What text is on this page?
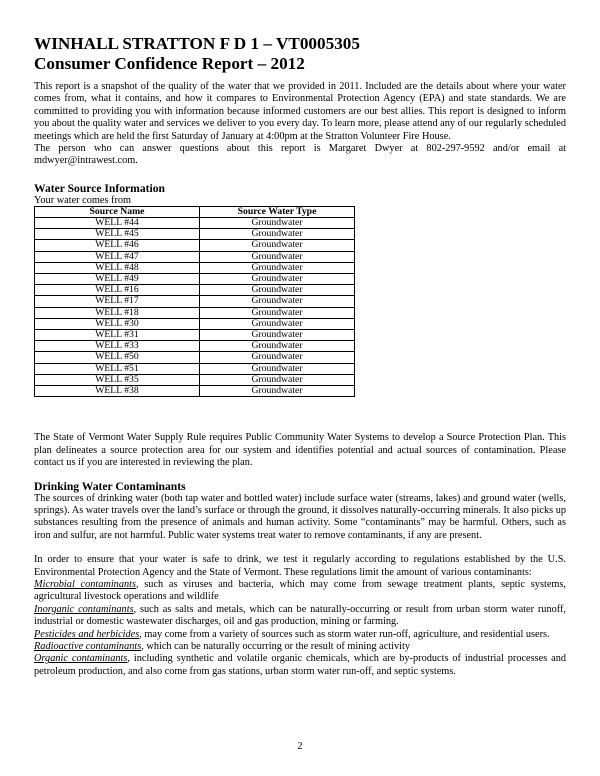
WINHALL STRATTON F D 1 – VT0005305
Consumer Confidence Report – 2012

This report is a snapshot of the quality of the water that we provided in 2011. Included are the details about where your water comes from, what it contains, and how it compares to Environmental Protection Agency (EPA) and state standards. We are committed to providing you with information because informed customers are our best allies. This report is designed to inform you about the quality water and services we deliver to you every day. To learn more, please attend any of our regularly scheduled meetings which are held the first Saturday of January at 4:00pm at the Stratton Volunteer Fire House.

The person who can answer questions about this report is Margaret Dwyer at 802-297-9592 and/or email at mdwyer@intrawest.com.

Water Source Information
Your water comes from
Source Name	Source Water Type
WELL #44	Groundwater
WELL #45	Groundwater
WELL #46	Groundwater
WELL #47	Groundwater
WELL #48	Groundwater
WELL #49	Groundwater
WELL #16	Groundwater
WELL #17	Groundwater
WELL #18	Groundwater
WELL #30	Groundwater
WELL #31	Groundwater
WELL #33	Groundwater
WELL #50	Groundwater
WELL #51	Groundwater
WELL #35	Groundwater
WELL #38	Groundwater

The State of Vermont Water Supply Rule requires Public Community Water Systems to develop a Source Protection Plan. This plan delineates a source protection area for our system and identifies potential and actual sources of contamination. Please contact us if you are interested in reviewing the plan.

Drinking Water Contaminants

The sources of drinking water (both tap water and bottled water) include surface water (streams, lakes) and ground water (wells, springs). As water travels over the land’s surface or through the ground, it dissolves naturally-occurring minerals. It also picks up substances resulting from the presence of animals and human activity. Some “contaminants” may be harmful. Others, such as iron and sulfur, are not harmful. Public water systems treat water to remove contaminants, if any are present.

In order to ensure that your water is safe to drink, we test it regularly according to regulations established by the U.S. Environmental Protection Agency and the State of Vermont. These regulations limit the amount of various contaminants:

Microbial contaminants, such as viruses and bacteria, which may come from sewage treatment plants, septic systems, agricultural livestock operations and wildlife

Inorganic contaminants, such as salts and metals, which can be naturally-occurring or result from urban storm water runoff, industrial or domestic wastewater discharges, oil and gas production, mining or farming.

Pesticides and herbicides, may come from a variety of sources such as storm water run-off, agriculture, and residential users.

Radioactive contaminants, which can be naturally occurring or the result of mining activity

Organic contaminants, including synthetic and volatile organic chemicals, which are by-products of industrial processes and petroleum production, and also come from gas stations, urban storm water run-off, and septic systems.

2
